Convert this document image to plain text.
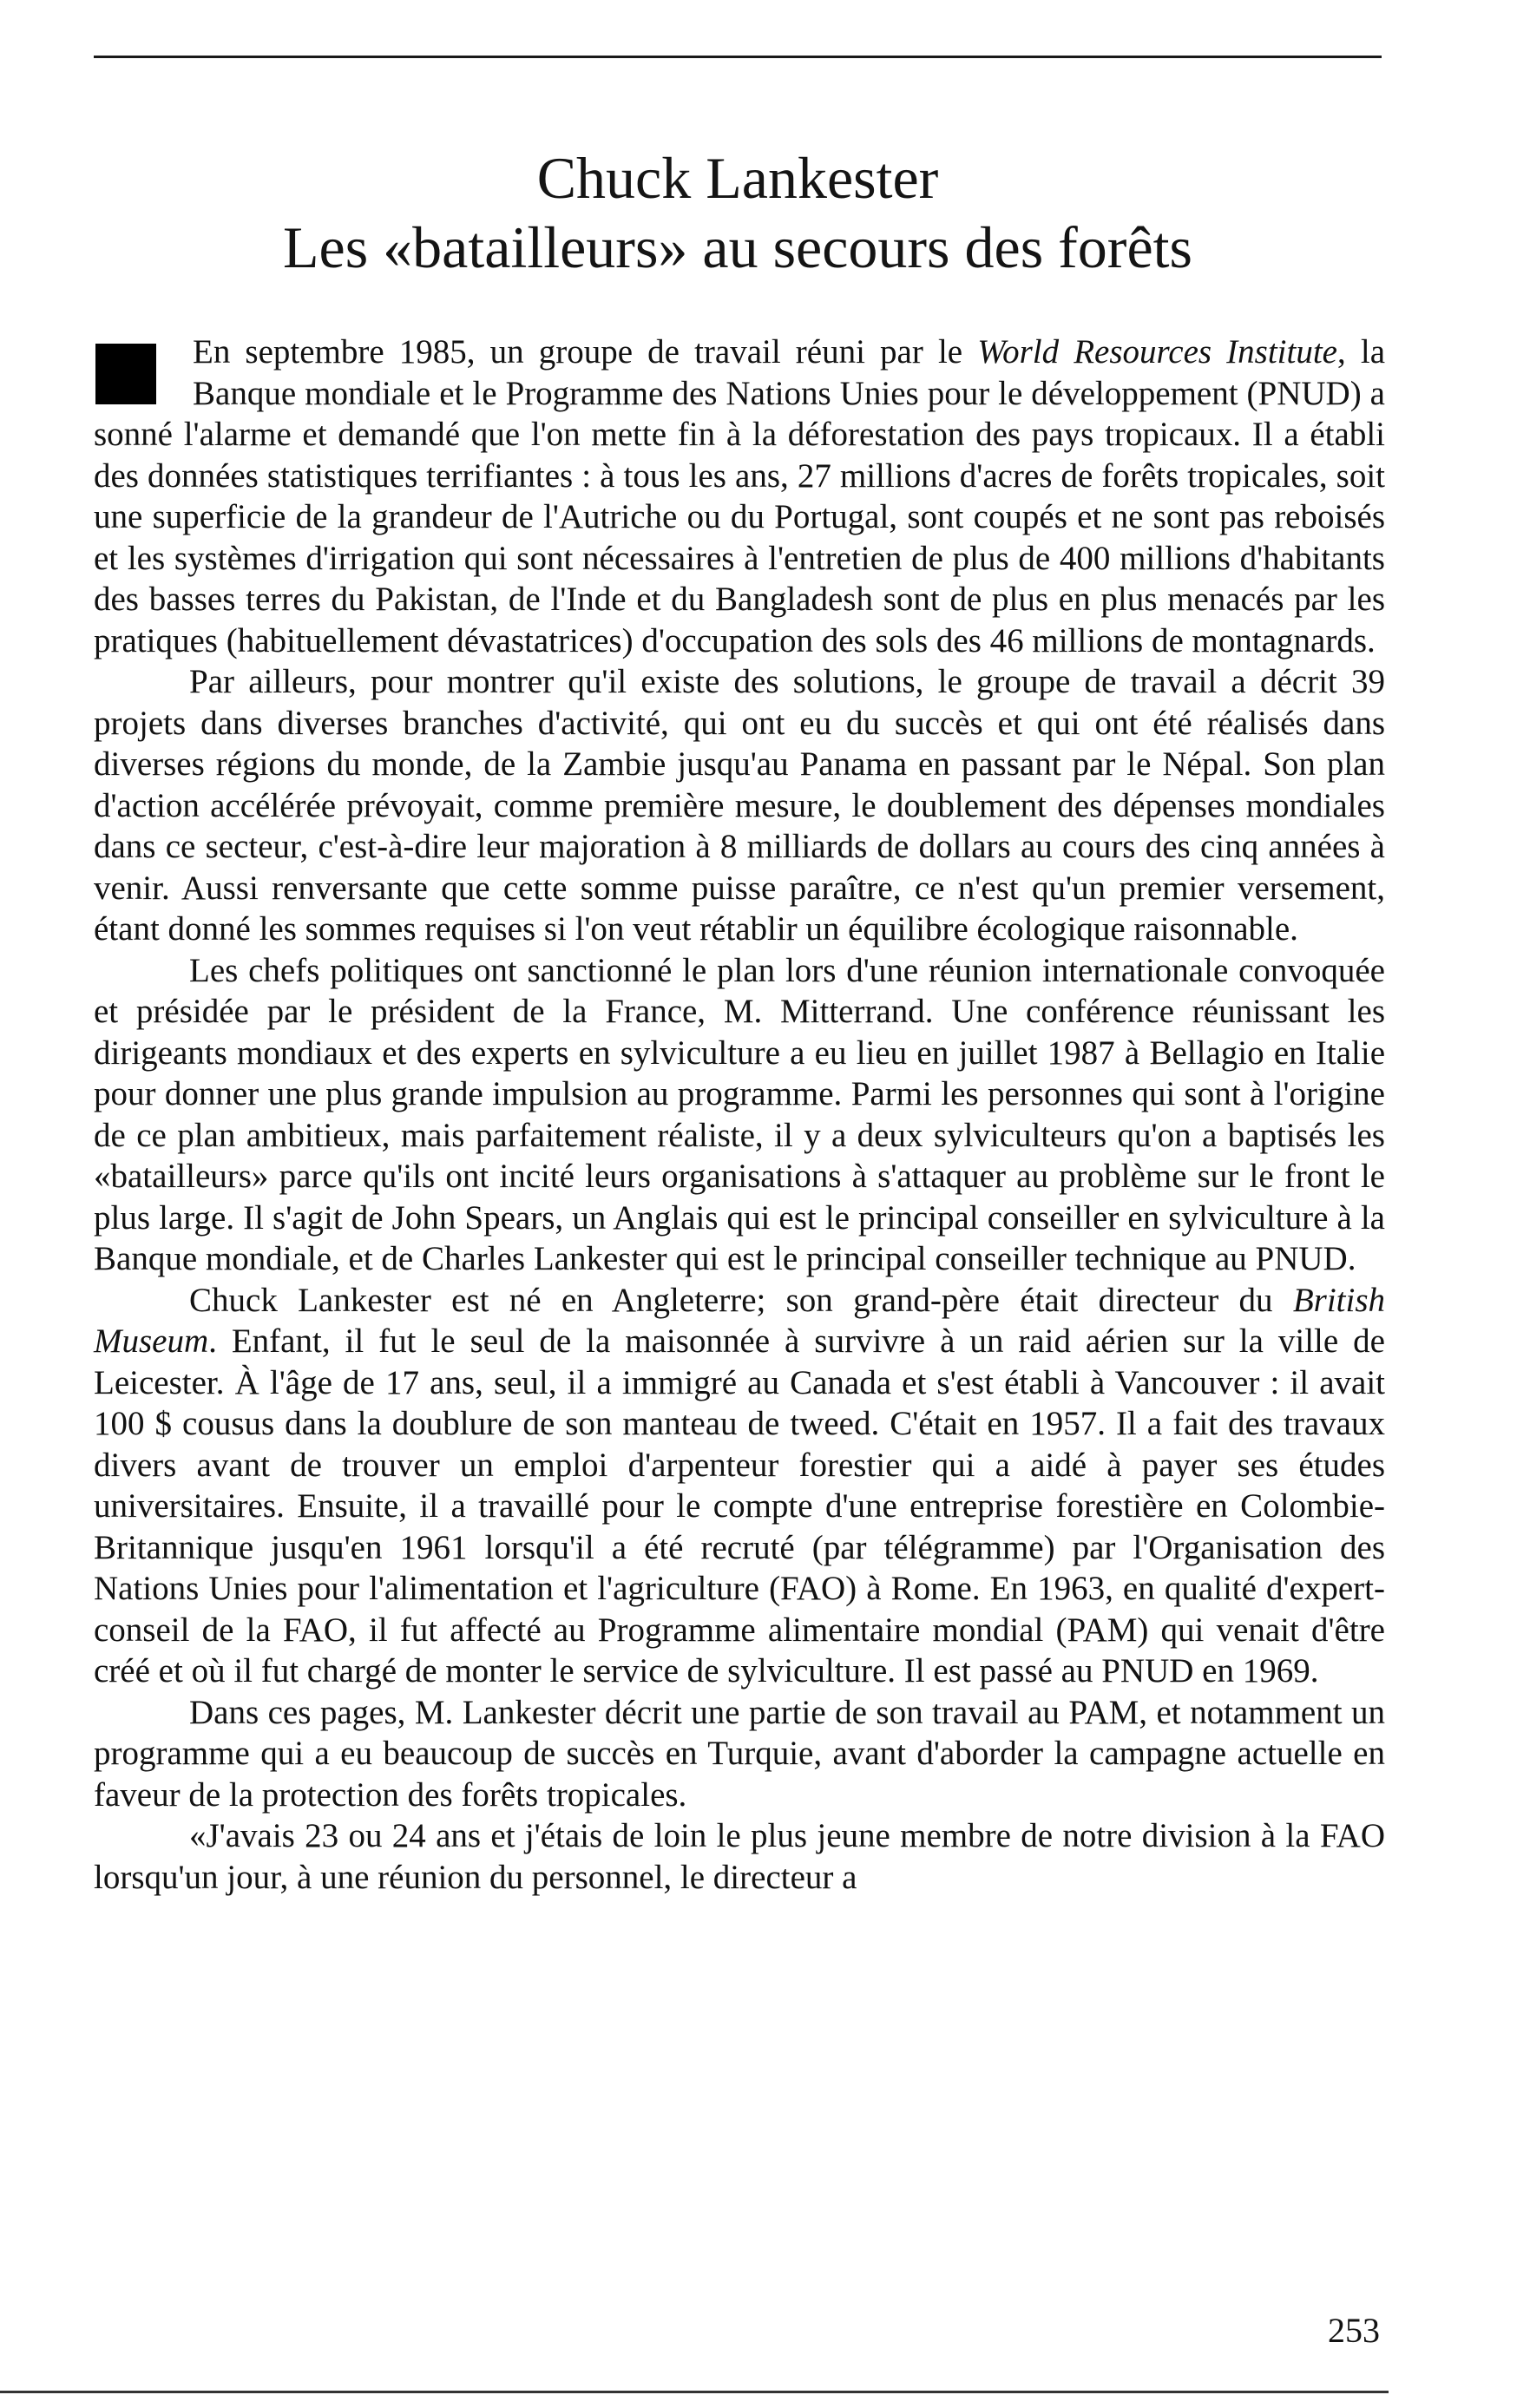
Chuck Lankester
Les «batailleurs» au secours des forêts

En septembre 1985, un groupe de travail réuni par le World Resources Institute, la Banque mondiale et le Programme des Nations Unies pour le développement (PNUD) a sonné l'alarme et demandé que l'on mette fin à la déforestation des pays tropicaux. Il a établi des données statistiques terrifiantes : à tous les ans, 27 millions d'acres de forêts tropicales, soit une superficie de la grandeur de l'Autriche ou du Portugal, sont coupés et ne sont pas reboisés et les systèmes d'irrigation qui sont nécessaires à l'entretien de plus de 400 millions d'habitants des basses terres du Pakistan, de l'Inde et du Bangladesh sont de plus en plus menacés par les pratiques (habituellement dévastatrices) d'occupation des sols des 46 millions de montagnards.

Par ailleurs, pour montrer qu'il existe des solutions, le groupe de travail a décrit 39 projets dans diverses branches d'activité, qui ont eu du succès et qui ont été réalisés dans diverses régions du monde, de la Zambie jusqu'au Panama en passant par le Népal. Son plan d'action accélérée prévoyait, comme première mesure, le doublement des dépenses mondiales dans ce secteur, c'est-à-dire leur majoration à 8 milliards de dollars au cours des cinq années à venir. Aussi renversante que cette somme puisse paraître, ce n'est qu'un premier versement, étant donné les sommes requises si l'on veut rétablir un équilibre écologique raisonnable.

Les chefs politiques ont sanctionné le plan lors d'une réunion internationale convoquée et présidée par le président de la France, M. Mitterrand. Une conférence réunissant les dirigeants mondiaux et des experts en sylviculture a eu lieu en juillet 1987 à Bellagio en Italie pour donner une plus grande impulsion au programme. Parmi les personnes qui sont à l'origine de ce plan ambitieux, mais parfaitement réaliste, il y a deux sylviculteurs qu'on a baptisés les «batailleurs» parce qu'ils ont incité leurs organisations à s'attaquer au problème sur le front le plus large. Il s'agit de John Spears, un Anglais qui est le principal conseiller en sylviculture à la Banque mondiale, et de Charles Lankester qui est le principal conseiller technique au PNUD.

Chuck Lankester est né en Angleterre; son grand-père était directeur du British Museum. Enfant, il fut le seul de la maisonnée à survivre à un raid aérien sur la ville de Leicester. À l'âge de 17 ans, seul, il a immigré au Canada et s'est établi à Vancouver : il avait 100 $ cousus dans la doublure de son manteau de tweed. C'était en 1957. Il a fait des travaux divers avant de trouver un emploi d'arpenteur forestier qui a aidé à payer ses études universitaires. Ensuite, il a travaillé pour le compte d'une entreprise forestière en Colombie-Britannique jusqu'en 1961 lorsqu'il a été recruté (par télégramme) par l'Organisation des Nations Unies pour l'alimentation et l'agriculture (FAO) à Rome. En 1963, en qualité d'expert-conseil de la FAO, il fut affecté au Programme alimentaire mondial (PAM) qui venait d'être créé et où il fut chargé de monter le service de sylviculture. Il est passé au PNUD en 1969.

Dans ces pages, M. Lankester décrit une partie de son travail au PAM, et notamment un programme qui a eu beaucoup de succès en Turquie, avant d'aborder la campagne actuelle en faveur de la protection des forêts tropicales.

«J'avais 23 ou 24 ans et j'étais de loin le plus jeune membre de notre division à la FAO lorsqu'un jour, à une réunion du personnel, le directeur a

253
